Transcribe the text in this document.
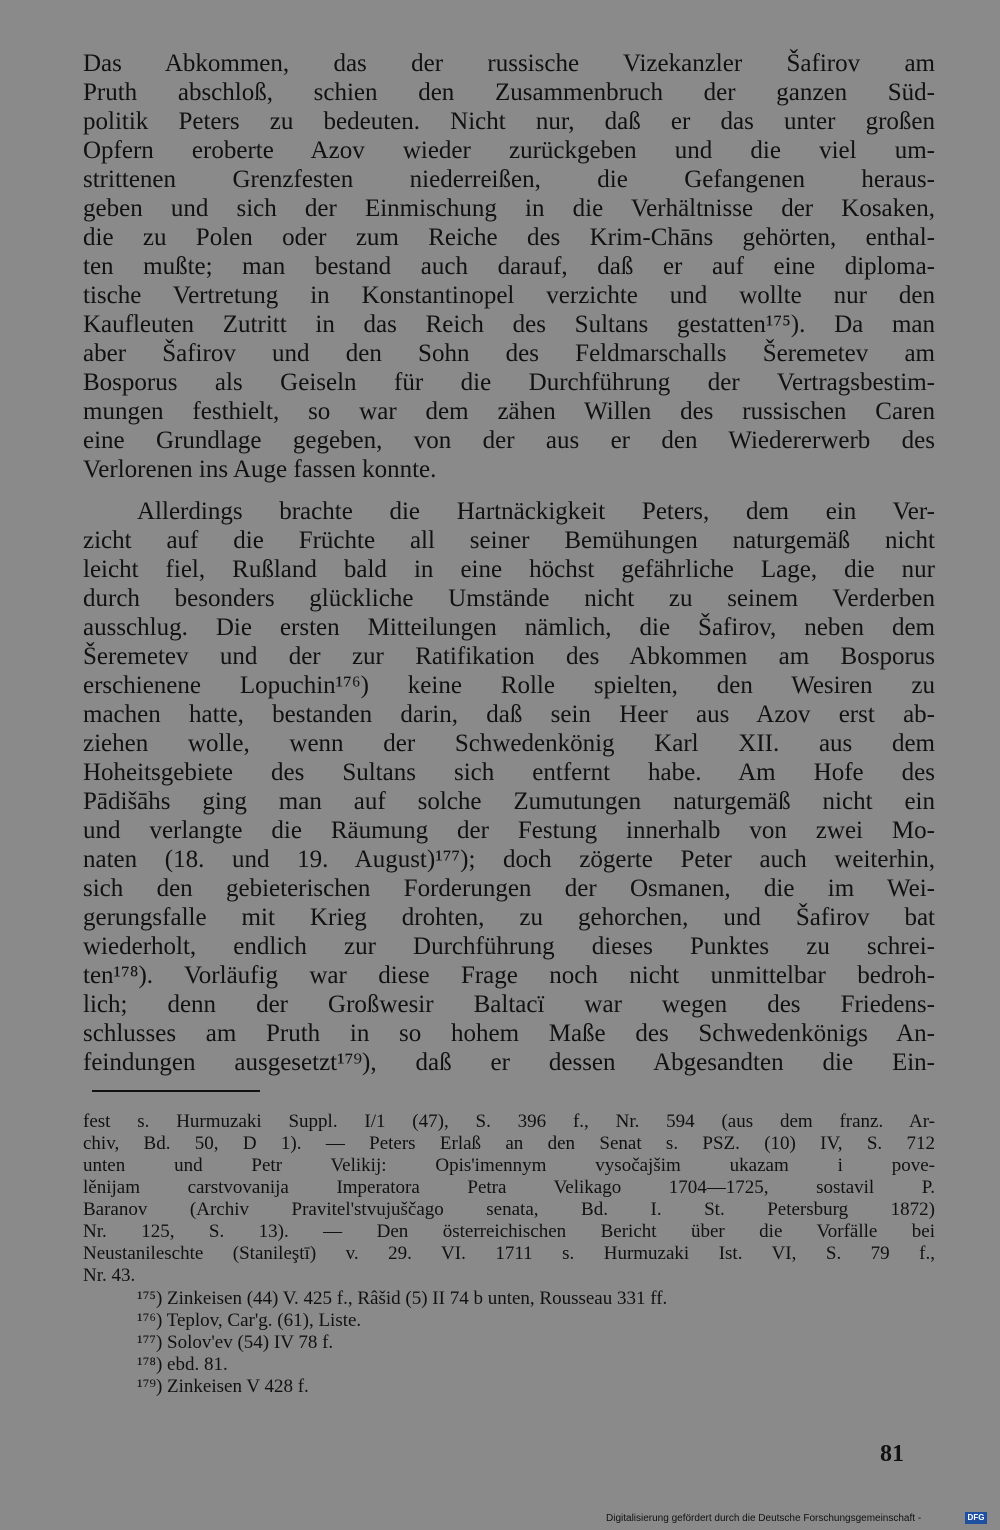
Das Abkommen, das der russische Vizekanzler Šafirov am
Pruth abschloß, schien den Zusammenbruch der ganzen Süd-
politik Peters zu bedeuten. Nicht nur, daß er das unter großen
Opfern eroberte Azov wieder zurückgeben und die viel um-
strittenen Grenzfesten niederreißen, die Gefangenen heraus-
geben und sich der Einmischung in die Verhältnisse der Kosaken,
die zu Polen oder zum Reiche des Krim-Chāns gehörten, enthal-
ten mußte; man bestand auch darauf, daß er auf eine diploma-
tische Vertretung in Konstantinopel verzichte und wollte nur den
Kaufleuten Zutritt in das Reich des Sultans gestatten¹⁷⁵). Da man
aber Šafirov und den Sohn des Feldmarschalls Šeremetev am
Bosporus als Geiseln für die Durchführung der Vertragsbestim-
mungen festhielt, so war dem zähen Willen des russischen Caren
eine Grundlage gegeben, von der aus er den Wiedererwerb des
Verlorenen ins Auge fassen konnte.
Allerdings brachte die Hartnäckigkeit Peters, dem ein Ver-
zicht auf die Früchte all seiner Bemühungen naturgemäß nicht
leicht fiel, Rußland bald in eine höchst gefährliche Lage, die nur
durch besonders glückliche Umstände nicht zu seinem Verderben
ausschlug. Die ersten Mitteilungen nämlich, die Šafirov, neben dem
Šeremetev und der zur Ratifikation des Abkommen am Bosporus
erschienene Lopuchin¹⁷⁶) keine Rolle spielten, den Wesiren zu
machen hatte, bestanden darin, daß sein Heer aus Azov erst ab-
ziehen wolle, wenn der Schwedenkönig Karl XII. aus dem
Hoheitsgebiete des Sultans sich entfernt habe. Am Hofe des
Pādišāhs ging man auf solche Zumutungen naturgemäß nicht ein
und verlangte die Räumung der Festung innerhalb von zwei Mo-
naten (18. und 19. August)¹⁷⁷); doch zögerte Peter auch weiterhin,
sich den gebieterischen Forderungen der Osmanen, die im Wei-
gerungsfalle mit Krieg drohten, zu gehorchen, und Šafirov bat
wiederholt, endlich zur Durchführung dieses Punktes zu schrei-
ten¹⁷⁸). Vorläufig war diese Frage noch nicht unmittelbar bedroh-
lich; denn der Großwesir Baltacï war wegen des Friedens-
schlusses am Pruth in so hohem Maße des Schwedenkönigs An-
feindungen ausgesetzt¹⁷⁹), daß er dessen Abgesandten die Ein-
fest s. Hurmuzaki Suppl. I/1 (47), S. 396 f., Nr. 594 (aus dem franz. Ar-
chiv, Bd. 50, D 1). — Peters Erlaß an den Senat s. PSZ. (10) IV, S. 712
unten und Petr Velikij: Opis'imennym vysočajšim ukazam i pove-
lěnijam carstvovanija Imperatora Petra Velikago 1704—1725, sostavil P.
Baranov (Archiv Pravitel'stvujuščago senata, Bd. I. St. Petersburg 1872)
Nr. 125, S. 13). — Den österreichischen Bericht über die Vorfälle bei
Neustanileschte (Stanileştī) v. 29. VI. 1711 s. Hurmuzaki Ist. VI, S. 79 f.,
Nr. 43.
¹⁷⁵) Zinkeisen (44) V. 425 f., Râšid (5) II 74 b unten, Rousseau 331 ff.
¹⁷⁶) Teplov, Car'g. (61), Liste.
¹⁷⁷) Solov'ev (54) IV 78 f.
¹⁷⁸) ebd. 81.
¹⁷⁹) Zinkeisen V 428 f.
81
Digitalisierung gefördert durch die Deutsche Forschungsgemeinschaft -	DFG
